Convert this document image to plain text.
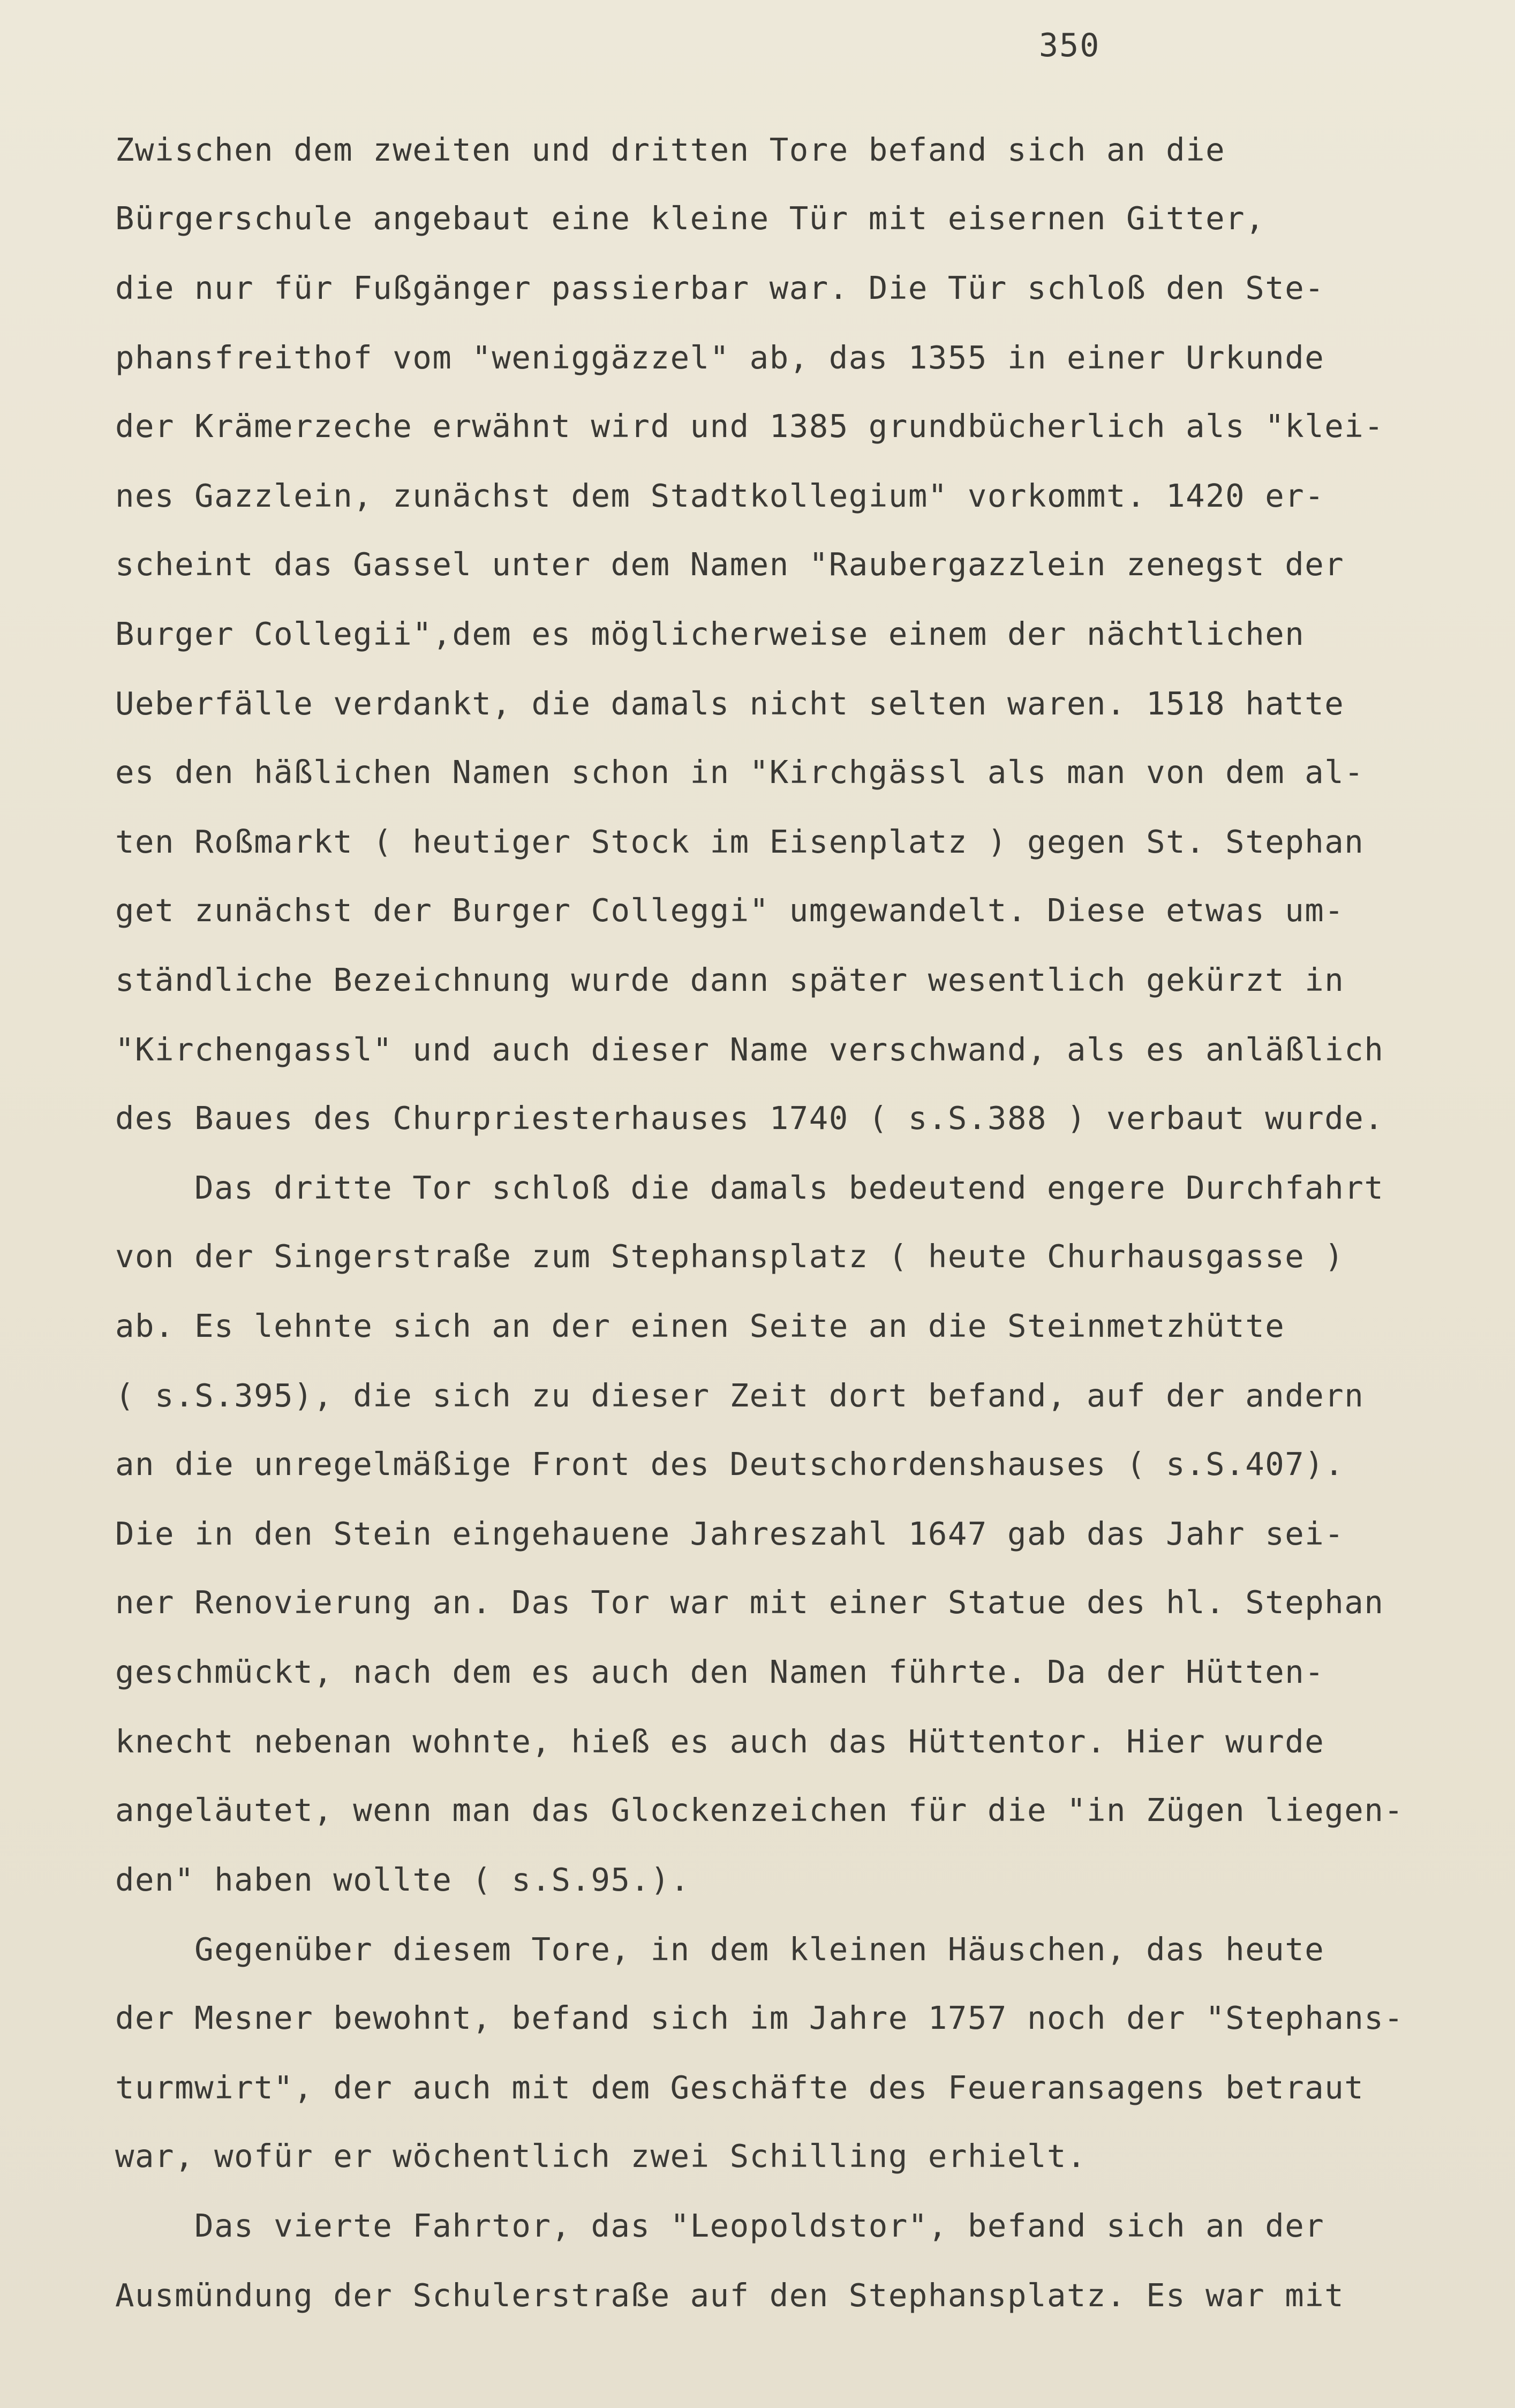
350
Zwischen dem zweiten und dritten Tore befand sich an die
Bürgerschule angebaut eine kleine Tür mit eisernen Gitter,
die nur für Fußgänger passierbar war. Die Tür schloß den Ste-
phansfreithof vom "weniggäzzel" ab, das 1355 in einer Urkunde
der Krämerzeche erwähnt wird und 1385 grundbücherlich als "klei-
nes Gazzlein, zunächst dem Stadtkollegium" vorkommt. 1420 er-
scheint das Gassel unter dem Namen "Raubergazzlein zenegst der
Burger Collegii",dem es möglicherweise einem der nächtlichen
Ueberfälle verdankt, die damals nicht selten waren. 1518 hatte
es den häßlichen Namen schon in "Kirchgässl als man von dem al-
ten Roßmarkt ( heutiger Stock im Eisenplatz ) gegen St. Stephan
get zunächst der Burger Colleggi" umgewandelt. Diese etwas um-
ständliche Bezeichnung wurde dann später wesentlich gekürzt in
"Kirchengassl" und auch dieser Name verschwand, als es anläßlich
des Baues des Churpriesterhauses 1740 ( s.S.388 ) verbaut wurde.
Das dritte Tor schloß die damals bedeutend engere Durchfahrt
von der Singerstraße zum Stephansplatz ( heute Churhausgasse )
ab. Es lehnte sich an der einen Seite an die Steinmetzhütte
( s.S.395), die sich zu dieser Zeit dort befand, auf der andern
an die unregelmäßige Front des Deutschordenshauses ( s.S.407).
Die in den Stein eingehauene Jahreszahl 1647 gab das Jahr sei-
ner Renovierung an. Das Tor war mit einer Statue des hl. Stephan
geschmückt, nach dem es auch den Namen führte. Da der Hütten-
knecht nebenan wohnte, hieß es auch das Hüttentor. Hier wurde
angeläutet, wenn man das Glockenzeichen für die "in Zügen liegen-
den" haben wollte ( s.S.95.).
Gegenüber diesem Tore, in dem kleinen Häuschen, das heute
der Mesner bewohnt, befand sich im Jahre 1757 noch der "Stephans-
turmwirt", der auch mit dem Geschäfte des Feueransagens betraut
war, wofür er wöchentlich zwei Schilling erhielt.
Das vierte Fahrtor, das "Leopoldstor", befand sich an der
Ausmündung der Schulerstraße auf den Stephansplatz. Es war mit
